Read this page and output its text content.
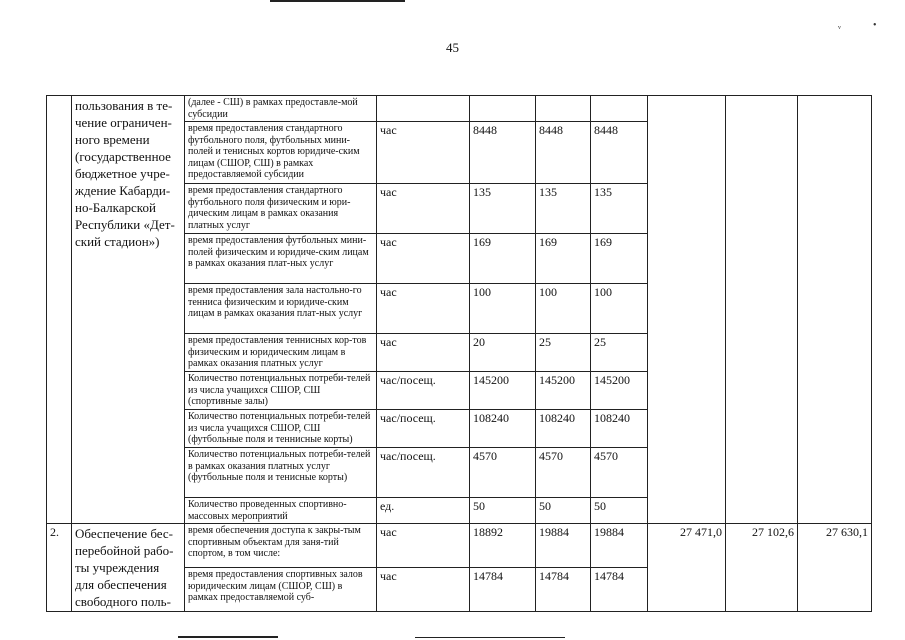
ᵥ	•
45
	пользования в те-чение ограничен-ного времени (государственное бюджетное учре-ждение Кабарди-но-Балкарской Республики «Дет-ский стадион»)	(далее - СШ) в рамках предоставле-мой субсидии							
		время предоставления стандартного футбольного поля, футбольных мини-полей и тенисных кортов юридиче-ским лицам (СШОР, СШ) в рамках предоставляемой субсидии	час	8448	8448	8448			
		время предоставления стандартного футбольного поля физическим и юри-дическим лицам в рамках оказания платных услуг	час	135	135	135			
		время предоставления футбольных мини-полей физическим и юридиче-ским лицам в рамках оказания плат-ных услуг	час	169	169	169			
		время предоставления зала настольно-го тенниса физическим и юридиче-ским лицам в рамках оказания плат-ных услуг	час	100	100	100			
		время предоставления теннисных кор-тов физическим и юридическим лицам в рамках оказания платных услуг	час	20	25	25			
		Количество потенциальных потреби-телей из числа учащихся СШОР, СШ (спортивные залы)	час/посещ.	145200	145200	145200			
		Количество потенциальных потреби-телей из числа учащихся СШОР, СШ (футбольные поля и теннисные корты)	час/посещ.	108240	108240	108240			
		Количество потенциальных потреби-телей в рамках оказания платных услуг (футбольные поля и тенисные корты)	час/посещ.	4570	4570	4570			
		Количество проведенных спортивно-массовых мероприятий	ед.	50	50	50			
2.	Обеспечение бес-перебойной рабо-ты учреждения для обеспечения свободного поль-	время обеспечения доступа к закры-тым спортивным объектам для заня-тий спортом, в том числе:	час	18892	19884	19884	27 471,0	27 102,6	27 630,1
		время предоставления спортивных залов юридическим лицам (СШОР, СШ) в рамках предоставляемой суб-	час	14784	14784	14784			
